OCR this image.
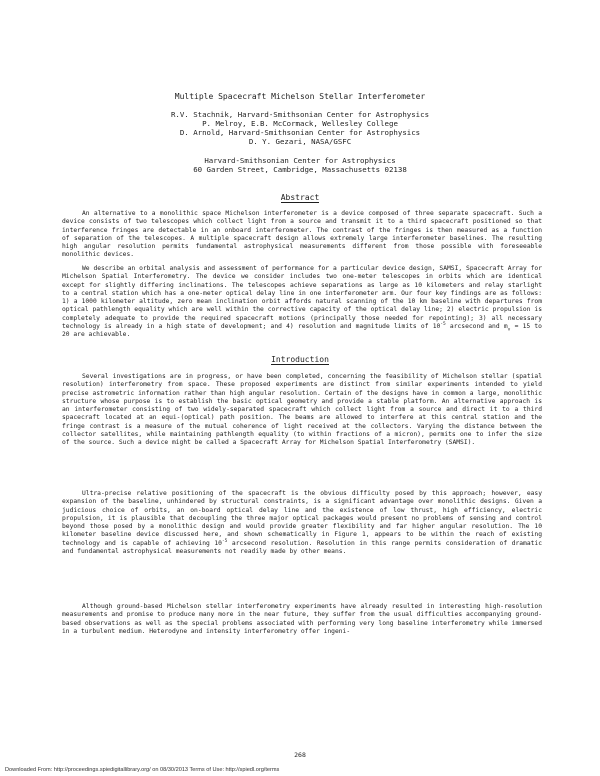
Multiple Spacecraft Michelson Stellar Interferometer
R.V. Stachnik, Harvard-Smithsonian Center for Astrophysics
P. Melroy, E.B. McCormack, Wellesley College
D. Arnold, Harvard-Smithsonian Center for Astrophysics
D. Y. Gezari, NASA/GSFC
Harvard-Smithsonian Center for Astrophysics
60 Garden Street, Cambridge, Massachusetts 02138
Abstract

An alternative to a monolithic space Michelson interferometer is a device composed of three separate spacecraft. Such a device consists of two telescopes which collect light from a source and transmit it to a third spacecraft positioned so that interference fringes are detectable in an onboard interferometer. The contrast of the fringes is then measured as a function of separation of the telescopes. A multiple spacecraft design allows extremely large interferometer baselines. The resulting high angular resolution permits fundamental astrophysical measurements different from those possible with foreseeable monolithic devices.

We describe an orbital analysis and assessment of performance for a particular device design, SAMSI, Spacecraft Array for Michelson Spatial Interferometry. The device we consider includes two one-meter telescopes in orbits which are identical except for slightly differing inclinations. The telescopes achieve separations as large as 10 kilometers and relay starlight to a central station which has a one-meter optical delay line in one interferometer arm. Our four key findings are as follows: 1) a 1000 kilometer altitude, zero mean inclination orbit affords natural scanning of the 10 km baseline with departures from optical pathlength equality which are well within the corrective capacity of the optical delay line; 2) electric propulsion is completely adequate to provide the required spacecraft motions (principally those needed for repointing); 3) all necessary technology is already in a high state of development; and 4) resolution and magnitude limits of $10^{-5}$ arcsecond and $m_v = 15$ to 20 are achievable.

Introduction

Several investigations are in progress, or have been completed, concerning the feasibility of Michelson stellar (spatial resolution) interferometry from space. These proposed experiments are distinct from similar experiments intended to yield precise astrometric information rather than high angular resolution. Certain of the designs have in common a large, monolithic structure whose purpose is to establish the basic optical geometry and provide a stable platform. An alternative approach is an interferometer consisting of two widely-separated spacecraft which collect light from a source and direct it to a third spacecraft located at an equi-(optical) path position. The beams are allowed to interfere at this central station and the fringe contrast is a measure of the mutual coherence of light received at the collectors. Varying the distance between the collector satellites, while maintaining pathlength equality (to within fractions of a micron), permits one to infer the size of the source. Such a device might be called a Spacecraft Array for Michelson Spatial Interferometry (SAMSI).

Ultra-precise relative positioning of the spacecraft is the obvious difficulty posed by this approach; however, easy expansion of the baseline, unhindered by structural constraints, is a significant advantage over monolithic designs. Given a judicious choice of orbits, an on-board optical delay line and the existence of low thrust, high efficiency, electric propulsion, it is plausible that decoupling the three major optical packages would present no problems of sensing and control beyond those posed by a monolithic design and would provide greater flexibility and far higher angular resolution. The 10 kilometer baseline device discussed here, and shown schematically in Figure 1, appears to be within the reach of existing technology and is capable of achieving $10^{-5}$ arcsecond resolution. Resolution in this range permits consideration of dramatic and fundamental astrophysical measurements not readily made by other means.

Although ground-based Michelson stellar interferometry experiments have already resulted in interesting high-resolution measurements and promise to produce many more in the near future, they suffer from the usual difficulties accompanying ground-based observations as well as the special problems associated with performing very long baseline interferometry while immersed in a turbulent medium. Heterodyne and intensity interferometry offer ingeni-

268
Downloaded From: http://proceedings.spiedigitallibrary.org/ on 08/30/2013 Terms of Use: http://spiedl.org/terms
